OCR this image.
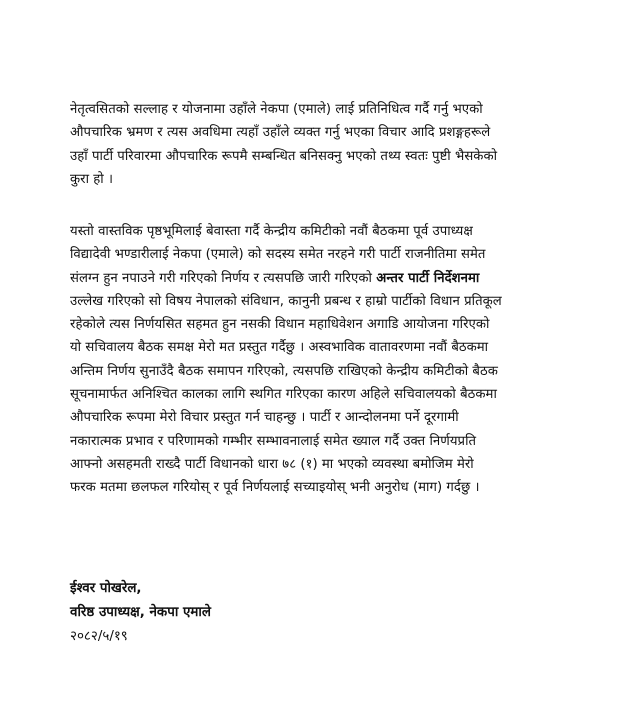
नेतृत्वसितको सल्लाह र योजनामा उहाँले नेकपा (एमाले) लाई प्रतिनिधित्व गर्दै गर्नु भएको
औपचारिक भ्रमण र त्यस अवधिमा त्यहाँ उहाँले व्यक्त गर्नु भएका विचार आदि प्रशङ्गहरूले
उहाँ पार्टी परिवारमा औपचारिक रूपमै सम्बन्धित बनिसक्नु भएको तथ्य स्वतः पुष्टी भैसकेको
कुरा हो ।
यस्तो वास्तविक पृष्ठभूमिलाई बेवास्ता गर्दै केन्द्रीय कमिटीको नवौं बैठकमा पूर्व उपाध्यक्ष
विद्यादेवी भण्डारीलाई नेकपा (एमाले) को सदस्य समेत नरहने गरी पार्टी राजनीतिमा समेत
संलग्न हुन नपाउने गरी गरिएको निर्णय र त्यसपछि जारी गरिएको अन्तर पार्टी निर्देशनमा
उल्लेख गरिएको सो विषय नेपालको संविधान, कानुनी प्रबन्ध र हाम्रो पार्टीको विधान प्रतिकूल
रहेकोले त्यस निर्णयसित सहमत हुन नसकी विधान महाधिवेशन अगाडि आयोजना गरिएको
यो सचिवालय बैठक समक्ष मेरो मत प्रस्तुत गर्दैछु । अस्वभाविक वातावरणमा नवौं बैठकमा
अन्तिम निर्णय सुनाउँदै बैठक समापन गरिएको, त्यसपछि राखिएको केन्द्रीय कमिटीको बैठक
सूचनामार्फत अनिश्चित कालका लागि स्थगित गरिएका कारण अहिले सचिवालयको बैठकमा
औपचारिक रूपमा मेरो विचार प्रस्तुत गर्न चाहन्छु । पार्टी र आन्दोलनमा पर्ने दूरगामी
नकारात्मक प्रभाव र परिणामको गम्भीर सम्भावनालाई समेत ख्याल गर्दै उक्त निर्णयप्रति
आफ्नो असहमती राख्दै पार्टी विधानको धारा ७८ (१) मा भएको व्यवस्था बमोजिम मेरो
फरक मतमा छलफल गरियोस् र पूर्व निर्णयलाई सच्याइयोस् भनी अनुरोध (माग) गर्दछु ।
ईश्वर पोखरेल,
वरिष्ठ उपाध्यक्ष, नेकपा एमाले
२०८२/५/१९
